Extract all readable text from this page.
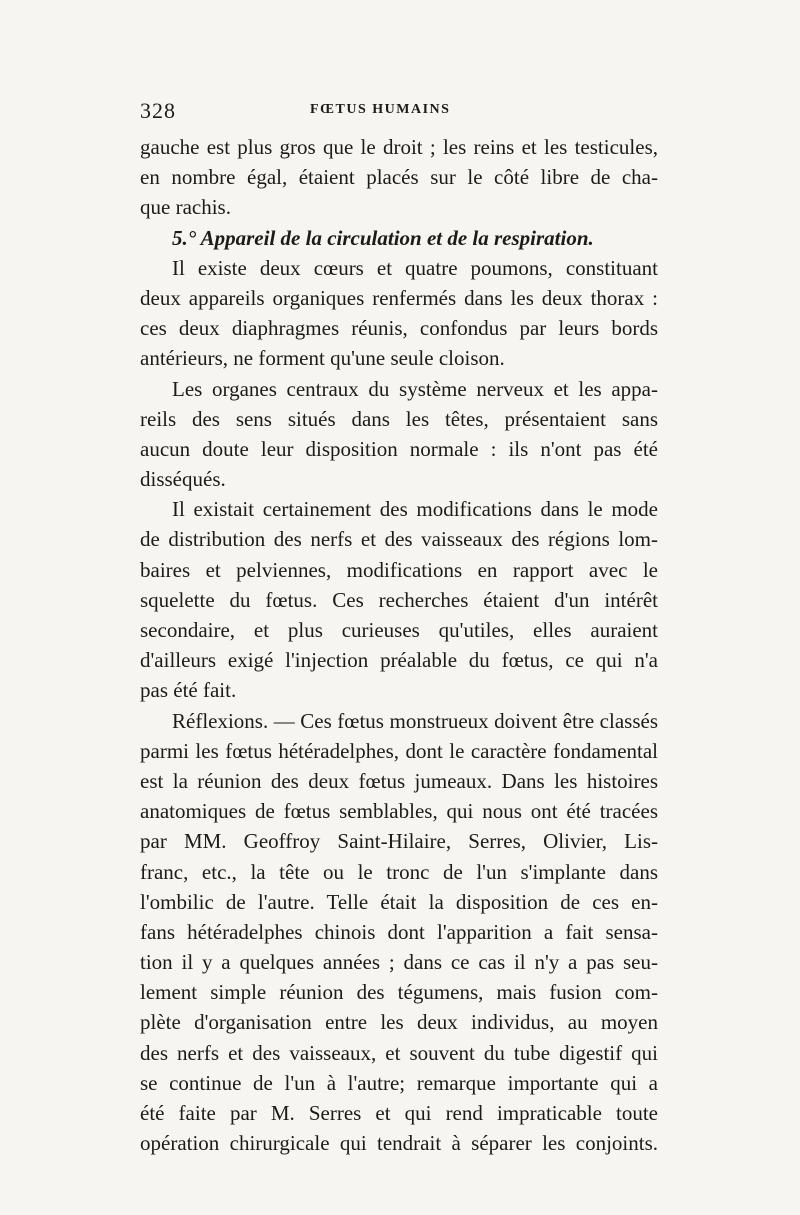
328	FŒTUS HUMAINS
gauche est plus gros que le droit ; les reins et les testicules,
en nombre égal, étaient placés sur le côté libre de cha-
que rachis.
5.° Appareil de la circulation et de la respiration.
Il existe deux cœurs et quatre poumons, constituant
deux appareils organiques renfermés dans les deux thorax :
ces deux diaphragmes réunis, confondus par leurs bords
antérieurs, ne forment qu'une seule cloison.
Les organes centraux du système nerveux et les appa-
reils des sens situés dans les têtes, présentaient sans
aucun doute leur disposition normale : ils n'ont pas été
disséqués.
Il existait certainement des modifications dans le mode
de distribution des nerfs et des vaisseaux des régions lom-
baires et pelviennes, modifications en rapport avec le
squelette du fœtus. Ces recherches étaient d'un intérêt
secondaire, et plus curieuses qu'utiles, elles auraient
d'ailleurs exigé l'injection préalable du fœtus, ce qui n'a
pas été fait.
Réflexions. — Ces fœtus monstrueux doivent être classés
parmi les fœtus hétéradelphes, dont le caractère fondamental
est la réunion des deux fœtus jumeaux. Dans les histoires
anatomiques de fœtus semblables, qui nous ont été tracées
par MM. Geoffroy Saint-Hilaire, Serres, Olivier, Lis-
franc, etc., la tête ou le tronc de l'un s'implante dans
l'ombilic de l'autre. Telle était la disposition de ces en-
fans hétéradelphes chinois dont l'apparition a fait sensa-
tion il y a quelques années ; dans ce cas il n'y a pas seu-
lement simple réunion des tégumens, mais fusion com-
plète d'organisation entre les deux individus, au moyen
des nerfs et des vaisseaux, et souvent du tube digestif qui
se continue de l'un à l'autre; remarque importante qui a
été faite par M. Serres et qui rend impraticable toute
opération chirurgicale qui tendrait à séparer les conjoints.
